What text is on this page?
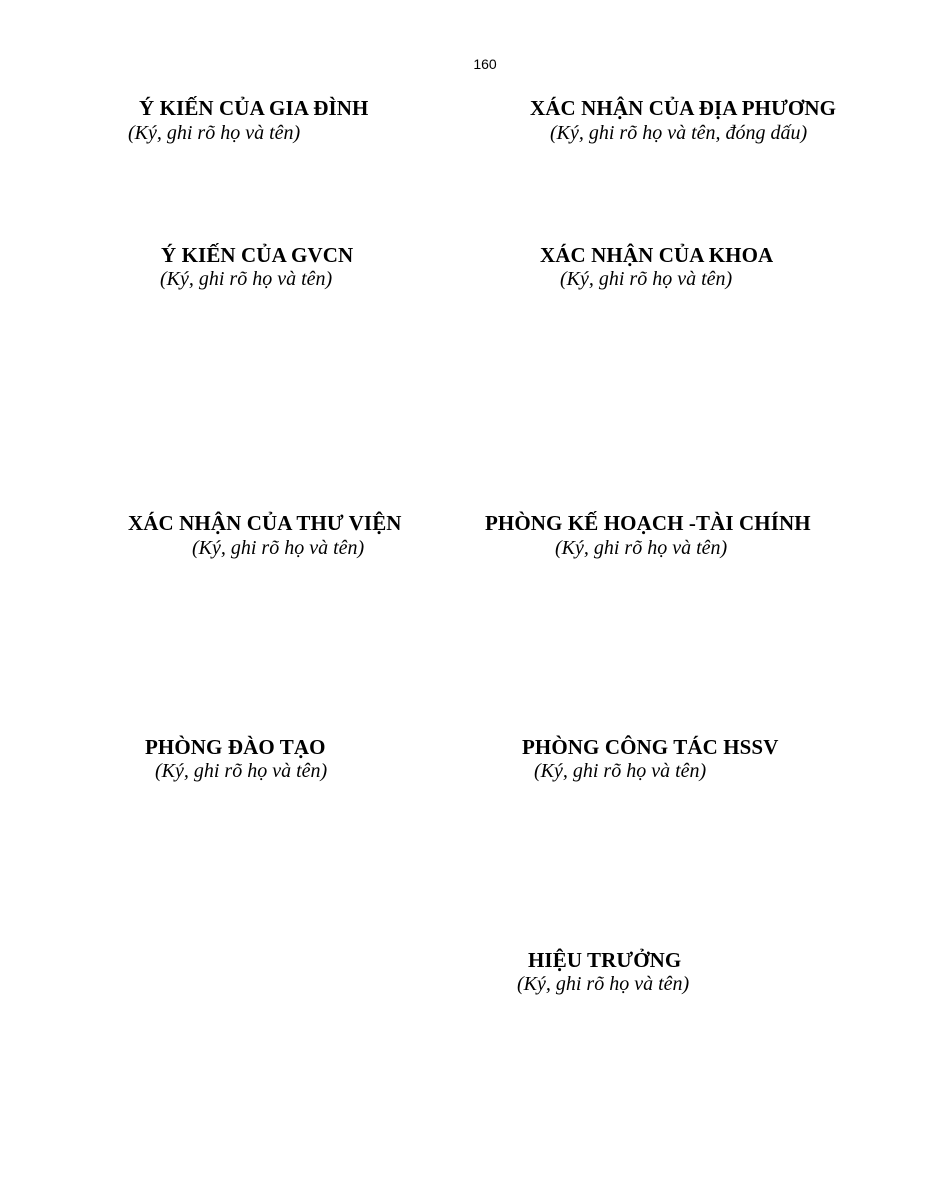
160
Ý KIẾN CỦA GIA ĐÌNH
(Ký, ghi rõ họ và tên)
XÁC NHẬN CỦA ĐỊA PHƯƠNG
(Ký, ghi rõ họ và tên, đóng dấu)
Ý KIẾN CỦA GVCN
(Ký, ghi rõ họ và tên)
XÁC NHẬN CỦA KHOA
(Ký, ghi rõ họ và tên)
XÁC NHẬN CỦA THƯ VIỆN
(Ký, ghi rõ họ và tên)
PHÒNG KẾ HOẠCH -TÀI CHÍNH
(Ký, ghi rõ họ và tên)
PHÒNG ĐÀO TẠO
(Ký, ghi rõ họ và tên)
PHÒNG CÔNG TÁC HSSV
(Ký, ghi rõ họ và tên)
HIỆU TRƯỞNG
(Ký, ghi rõ họ và tên)
